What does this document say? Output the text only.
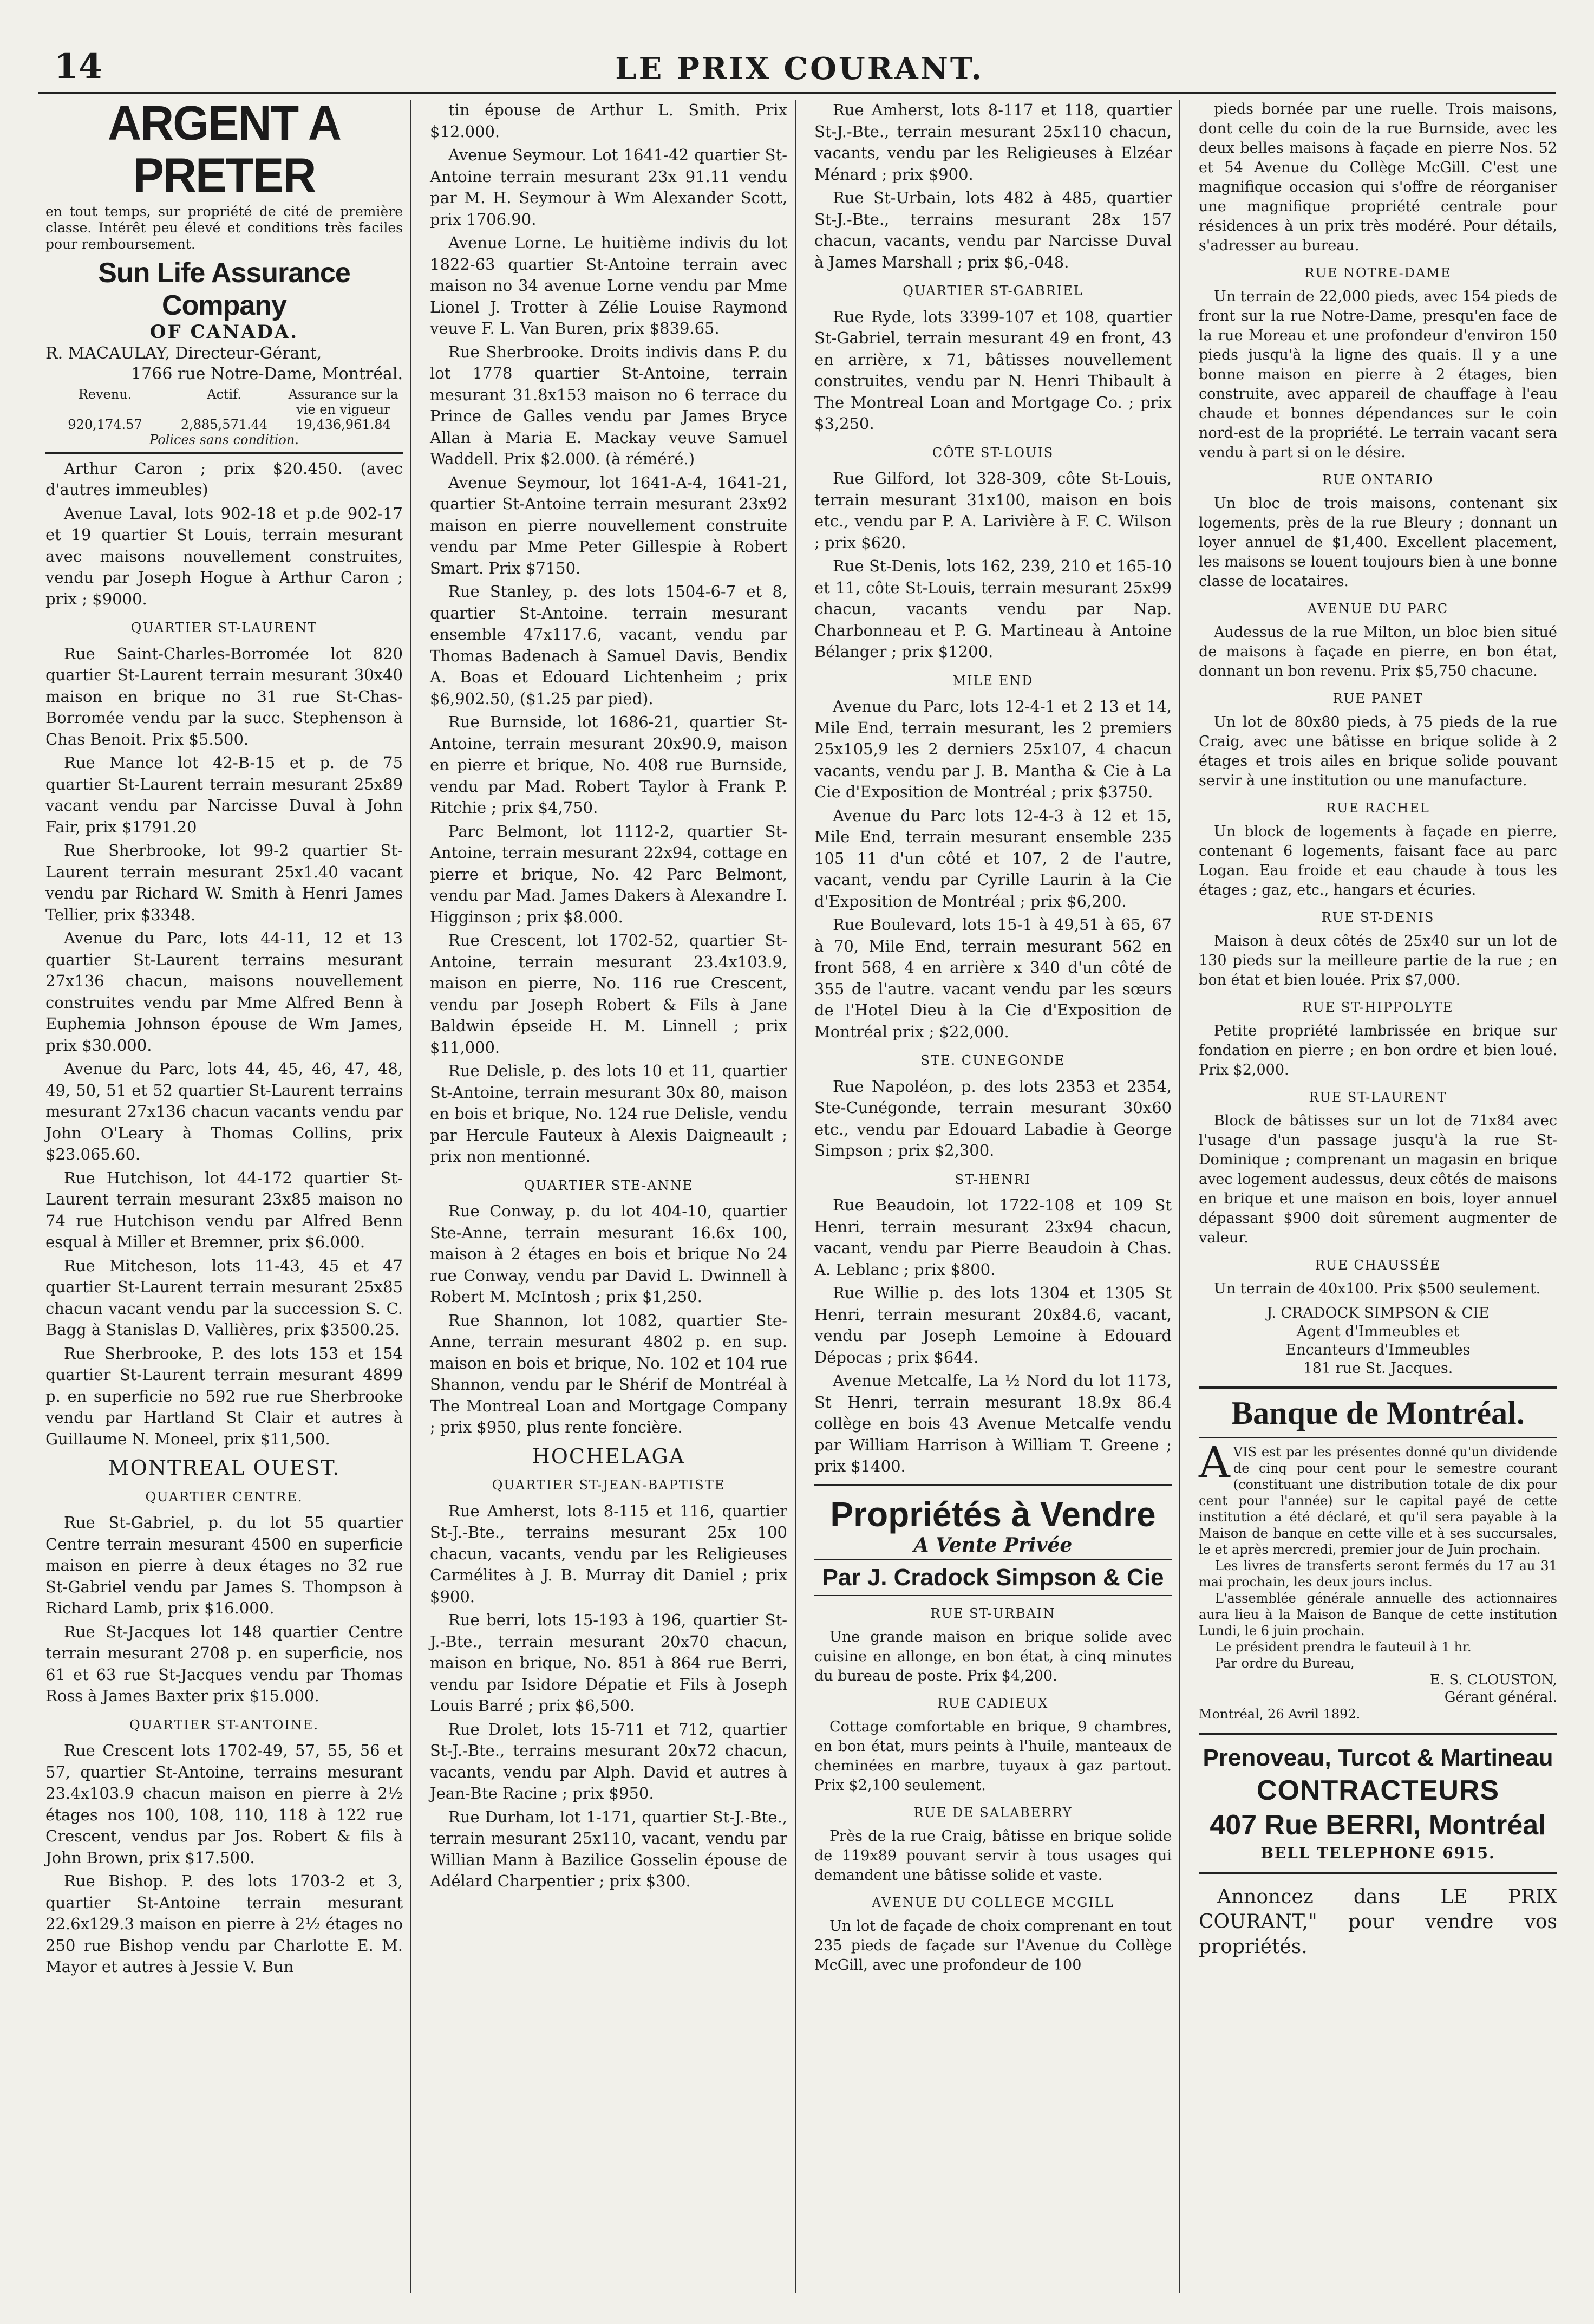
14	LE PRIX COURANT.
ARGENT A PRETER
en tout temps, sur propriété de cité de première classe. Intérêt peu élevé et conditions très faciles pour remboursement.
Sun Life Assurance Company
OF CANADA.
R. MACAULAY, Directeur-Gérant,
1766 rue Notre-Dame, Montréal.
Revenu.	Actif.	Assurance sur la vie en vigueur
920,174.57	2,885,571.44	19,436,961.84
Polices sans condition.

Arthur Caron ; prix $20.450. (avec d'autres immeubles)

Avenue Laval, lots 902-18 et p.de 902-17 et 19 quartier St Louis, terrain mesurant avec maisons nouvellement construites, vendu par Joseph Hogue à Arthur Caron ; prix ; $9000.

QUARTIER ST-LAURENT

Rue Saint-Charles-Borromée lot 820 quartier St-Laurent terrain mesurant 30x40 maison en brique no 31 rue St-Chas-Borromée vendu par la succ. Stephenson à Chas Benoit. Prix $5.500.

Rue Mance lot 42-B-15 et p. de 75 quartier St-Laurent terrain mesurant 25x89 vacant vendu par Narcisse Duval à John Fair, prix $1791.20

Rue Sherbrooke, lot 99-2 quartier St-Laurent terrain mesurant 25x1.40 vacant vendu par Richard W. Smith à Henri James Tellier, prix $3348.

Avenue du Parc, lots 44-11, 12 et 13 quartier St-Laurent terrains mesurant 27x136 chacun, maisons nouvellement construites vendu par Mme Alfred Benn à Euphemia Johnson épouse de Wm James, prix $30.000.

Avenue du Parc, lots 44, 45, 46, 47, 48, 49, 50, 51 et 52 quartier St-Laurent terrains mesurant 27x136 chacun vacants vendu par John O'Leary à Thomas Collins, prix $23.065.60.

Rue Hutchison, lot 44-172 quartier St-Laurent terrain mesurant 23x85 maison no 74 rue Hutchison vendu par Alfred Benn esqual à Miller et Bremner, prix $6.000.

Rue Mitcheson, lots 11-43, 45 et 47 quartier St-Laurent terrain mesurant 25x85 chacun vacant vendu par la succession S. C. Bagg à Stanislas D. Vallières, prix $3500.25.

Rue Sherbrooke, P. des lots 153 et 154 quartier St-Laurent terrain mesurant 4899 p. en superficie no 592 rue rue Sherbrooke vendu par Hartland St Clair et autres à Guillaume N. Moneel, prix $11,500.

MONTREAL OUEST.
QUARTIER CENTRE.

Rue St-Gabriel, p. du lot 55 quartier Centre terrain mesurant 4500 en superficie maison en pierre à deux étages no 32 rue St-Gabriel vendu par James S. Thompson à Richard Lamb, prix $16.000.

Rue St-Jacques lot 148 quartier Centre terrain mesurant 2708 p. en superficie, nos 61 et 63 rue St-Jacques vendu par Thomas Ross à James Baxter prix $15.000.

QUARTIER ST-ANTOINE.

Rue Crescent lots 1702-49, 57, 55, 56 et 57, quartier St-Antoine, terrains mesurant 23.4x103.9 chacun maison en pierre à 2½ étages nos 100, 108, 110, 118 à 122 rue Crescent, vendus par Jos. Robert & fils à John Brown, prix $17.500.

Rue Bishop. P. des lots 1703-2 et 3, quartier St-Antoine terrain mesurant 22.6x129.3 maison en pierre à 2½ étages no 250 rue Bishop vendu par Charlotte E. M. Mayor et autres à Jessie V. Bun

tin épouse de Arthur L. Smith. Prix $12.000.

Avenue Seymour. Lot 1641-42 quartier St-Antoine terrain mesurant 23x 91.11 vendu par M. H. Seymour à Wm Alexander Scott, prix 1706.90.

Avenue Lorne. Le huitième indivis du lot 1822-63 quartier St-Antoine terrain avec maison no 34 avenue Lorne vendu par Mme Lionel J. Trotter à Zélie Louise Raymond veuve F. L. Van Buren, prix $839.65.

Rue Sherbrooke. Droits indivis dans P. du lot 1778 quartier St-Antoine, terrain mesurant 31.8x153 maison no 6 terrace du Prince de Galles vendu par James Bryce Allan à Maria E. Mackay veuve Samuel Waddell. Prix $2.000. (à réméré.)

Avenue Seymour, lot 1641-A-4, 1641-21, quartier St-Antoine terrain mesurant 23x92 maison en pierre nouvellement construite vendu par Mme Peter Gillespie à Robert Smart. Prix $7150.

Rue Stanley, p. des lots 1504-6-7 et 8, quartier St-Antoine. terrain mesurant ensemble 47x117.6, vacant, vendu par Thomas Badenach à Samuel Davis, Bendix A. Boas et Edouard Lichtenheim ; prix $6,902.50, ($1.25 par pied).

Rue Burnside, lot 1686-21, quartier St-Antoine, terrain mesurant 20x90.9, maison en pierre et brique, No. 408 rue Burnside, vendu par Mad. Robert Taylor à Frank P. Ritchie ; prix $4,750.

Parc Belmont, lot 1112-2, quartier St-Antoine, terrain mesurant 22x94, cottage en pierre et brique, No. 42 Parc Belmont, vendu par Mad. James Dakers à Alexandre I. Higginson ; prix $8.000.

Rue Crescent, lot 1702-52, quartier St-Antoine, terrain mesurant 23.4x103.9, maison en pierre, No. 116 rue Crescent, vendu par Joseph Robert & Fils à Jane Baldwin épseide H. M. Linnell ; prix $11,000.

Rue Delisle, p. des lots 10 et 11, quartier St-Antoine, terrain mesurant 30x 80, maison en bois et brique, No. 124 rue Delisle, vendu par Hercule Fauteux à Alexis Daigneault ; prix non mentionné.

QUARTIER STE-ANNE

Rue Conway, p. du lot 404-10, quartier Ste-Anne, terrain mesurant 16.6x 100, maison à 2 étages en bois et brique No 24 rue Conway, vendu par David L. Dwinnell à Robert M. McIntosh ; prix $1,250.

Rue Shannon, lot 1082, quartier Ste-Anne, terrain mesurant 4802 p. en sup. maison en bois et brique, No. 102 et 104 rue Shannon, vendu par le Shérif de Montréal à The Montreal Loan and Mortgage Company ; prix $950, plus rente foncière.

HOCHELAGA
QUARTIER ST-JEAN-BAPTISTE

Rue Amherst, lots 8-115 et 116, quartier St-J.-Bte., terrains mesurant 25x 100 chacun, vacants, vendu par les Religieuses Carmélites à J. B. Murray dit Daniel ; prix $900.

Rue berri, lots 15-193 à 196, quartier St-J.-Bte., terrain mesurant 20x70 chacun, maison en brique, No. 851 à 864 rue Berri, vendu par Isidore Dépatie et Fils à Joseph Louis Barré ; prix $6,500.

Rue Drolet, lots 15-711 et 712, quartier St-J.-Bte., terrains mesurant 20x72 chacun, vacants, vendu par Alph. David et autres à Jean-Bte Racine ; prix $950.

Rue Durham, lot 1-171, quartier St-J.-Bte., terrain mesurant 25x110, vacant, vendu par Willian Mann à Bazilice Gosselin épouse de Adélard Charpentier ; prix $300.

Rue Amherst, lots 8-117 et 118, quartier St-J.-Bte., terrain mesurant 25x110 chacun, vacants, vendu par les Religieuses à Elzéar Ménard ; prix $900.

Rue St-Urbain, lots 482 à 485, quartier St-J.-Bte., terrains mesurant 28x 157 chacun, vacants, vendu par Narcisse Duval à James Marshall ; prix $6,-048.

QUARTIER ST-GABRIEL

Rue Ryde, lots 3399-107 et 108, quartier St-Gabriel, terrain mesurant 49 en front, 43 en arrière, x 71, bâtisses nouvellement construites, vendu par N. Henri Thibault à The Montreal Loan and Mortgage Co. ; prix $3,250.

CÔTE ST-LOUIS

Rue Gilford, lot 328-309, côte St-Louis, terrain mesurant 31x100, maison en bois etc., vendu par P. A. Larivière à F. C. Wilson ; prix $620.

Rue St-Denis, lots 162, 239, 210 et 165-10 et 11, côte St-Louis, terrain mesurant 25x99 chacun, vacants vendu par Nap. Charbonneau et P. G. Martineau à Antoine Bélanger ; prix $1200.

MILE END

Avenue du Parc, lots 12-4-1 et 2 13 et 14, Mile End, terrain mesurant, les 2 premiers 25x105,9 les 2 derniers 25x107, 4 chacun vacants, vendu par J. B. Mantha & Cie à La Cie d'Exposition de Montréal ; prix $3750.

Avenue du Parc lots 12-4-3 à 12 et 15, Mile End, terrain mesurant ensemble 235 105 11 d'un côté et 107, 2 de l'autre, vacant, vendu par Cyrille Laurin à la Cie d'Exposition de Montréal ; prix $6,200.

Rue Boulevard, lots 15-1 à 49,51 à 65, 67 à 70, Mile End, terrain mesurant 562 en front 568, 4 en arrière x 340 d'un côté de 355 de l'autre. vacant vendu par les sœurs de l'Hotel Dieu à la Cie d'Exposition de Montréal prix ; $22,000.

STE. CUNEGONDE

Rue Napoléon, p. des lots 2353 et 2354, Ste-Cunégonde, terrain mesurant 30x60 etc., vendu par Edouard Labadie à George Simpson ; prix $2,300.

ST-HENRI

Rue Beaudoin, lot 1722-108 et 109 St Henri, terrain mesurant 23x94 chacun, vacant, vendu par Pierre Beaudoin à Chas. A. Leblanc ; prix $800.

Rue Willie p. des lots 1304 et 1305 St Henri, terrain mesurant 20x84.6, vacant, vendu par Joseph Lemoine à Edouard Dépocas ; prix $644.

Avenue Metcalfe, La ½ Nord du lot 1173, St Henri, terrain mesurant 18.9x 86.4 collège en bois 43 Avenue Metcalfe vendu par William Harrison à William T. Greene ; prix $1400.

Propriétés à Vendre
A Vente Privée
Par J. Cradock Simpson & Cie
RUE ST-URBAIN

Une grande maison en brique solide avec cuisine en allonge, en bon état, à cinq minutes du bureau de poste. Prix $4,200.

RUE CADIEUX

Cottage comfortable en brique, 9 chambres, en bon état, murs peints à l'huile, manteaux de cheminées en marbre, tuyaux à gaz partout. Prix $2,100 seulement.

RUE DE SALABERRY

Près de la rue Craig, bâtisse en brique solide de 119x89 pouvant servir à tous usages qui demandent une bâtisse solide et vaste.

AVENUE DU COLLEGE MCGILL

Un lot de façade de choix comprenant en tout 235 pieds de façade sur l'Avenue du Collège McGill, avec une profondeur de 100

pieds bornée par une ruelle. Trois maisons, dont celle du coin de la rue Burnside, avec les deux belles maisons à façade en pierre Nos. 52 et 54 Avenue du Collège McGill. C'est une magnifique occasion qui s'offre de réorganiser une magnifique propriété centrale pour résidences à un prix très modéré. Pour détails, s'adresser au bureau.

RUE NOTRE-DAME

Un terrain de 22,000 pieds, avec 154 pieds de front sur la rue Notre-Dame, presqu'en face de la rue Moreau et une profondeur d'environ 150 pieds jusqu'à la ligne des quais. Il y a une bonne maison en pierre à 2 étages, bien construite, avec appareil de chauffage à l'eau chaude et bonnes dépendances sur le coin nord-est de la propriété. Le terrain vacant sera vendu à part si on le désire.

RUE ONTARIO

Un bloc de trois maisons, contenant six logements, près de la rue Bleury ; donnant un loyer annuel de $1,400. Excellent placement, les maisons se louent toujours bien à une bonne classe de locataires.

AVENUE DU PARC

Audessus de la rue Milton, un bloc bien situé de maisons à façade en pierre, en bon état, donnant un bon revenu. Prix $5,750 chacune.

RUE PANET

Un lot de 80x80 pieds, à 75 pieds de la rue Craig, avec une bâtisse en brique solide à 2 étages et trois ailes en brique solide pouvant servir à une institution ou une manufacture.

RUE RACHEL

Un block de logements à façade en pierre, contenant 6 logements, faisant face au parc Logan. Eau froide et eau chaude à tous les étages ; gaz, etc., hangars et écuries.

RUE ST-DENIS

Maison à deux côtés de 25x40 sur un lot de 130 pieds sur la meilleure partie de la rue ; en bon état et bien louée. Prix $7,000.

RUE ST-HIPPOLYTE

Petite propriété lambrissée en brique sur fondation en pierre ; en bon ordre et bien loué. Prix $2,000.

RUE ST-LAURENT

Block de bâtisses sur un lot de 71x84 avec l'usage d'un passage jusqu'à la rue St-Dominique ; comprenant un magasin en brique avec logement audessus, deux côtés de maisons en brique et une maison en bois, loyer annuel dépassant $900 doit sûrement augmenter de valeur.

RUE CHAUSSÉE

Un terrain de 40x100. Prix $500 seulement.

J. CRADOCK SIMPSON & CIE
Agent d'Immeubles et
Encanteurs d'Immeubles
181 rue St. Jacques.
Banque de Montréal.
A VIS est par les présentes donné qu'un dividende de cinq pour cent pour le semestre courant (constituant une distribution totale de dix pour cent pour l'année) sur le capital payé de cette institution a été déclaré, et qu'il sera payable à la Maison de banque en cette ville et à ses succursales, le et après mercredi, premier jour de Juin prochain.

Les livres de transferts seront fermés du 17 au 31 mai prochain, les deux jours inclus.

L'assemblée générale annuelle des actionnaires aura lieu à la Maison de Banque de cette institution Lundi, le 6 juin prochain.

Le président prendra le fauteuil à 1 hr.

Par ordre du Bureau,

E. S. CLOUSTON,
Gérant général.
Montréal, 26 Avril 1892.
Prenoveau, Turcot & Martineau
CONTRACTEURS
407 Rue BERRI, Montréal
BELL TELEPHONE 6915.

Annoncez dans LE PRIX COURANT," pour vendre vos propriétés.
